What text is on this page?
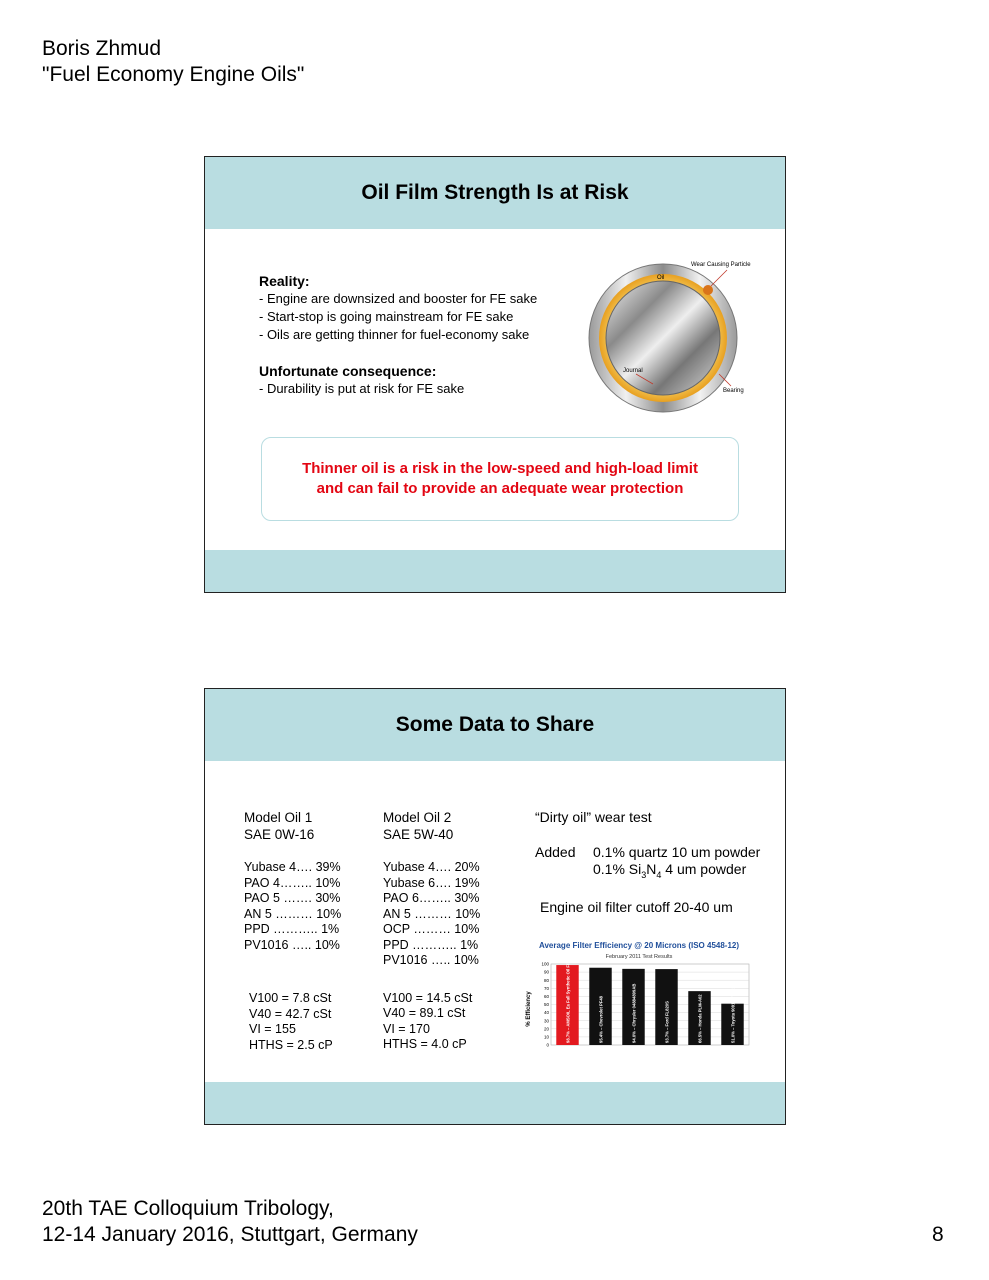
Boris Zhmud
"Fuel Economy Engine Oils"
Oil Film Strength Is at Risk
Reality:
- Engine are downsized and booster for FE sake
- Start-stop is going mainstream for FE sake
- Oils are getting thinner for fuel-economy sake
Unfortunate consequence:
- Durability is put at risk for FE sake
Wear Causing Particle
Oil
Journal
Bearing
Thinner oil is a risk in the low-speed and high-load limit
and can fail to provide an adequate wear protection
Some Data to Share
Model Oil 1
SAE 0W-16
Yubase 4…. 39%
PAO 4…….. 10%
PAO 5 ……. 30%
AN 5 ……… 10%
PPD ……….. 1%
PV1016 ….. 10%
V100 = 7.8 cSt
V40 = 42.7 cSt
VI = 155
HTHS = 2.5 cP
Model Oil 2
SAE 5W-40
Yubase 4…. 20%
Yubase 6…. 19%
PAO 6…….. 30%
AN 5 ……… 10%
OCP ……… 10%
PPD ……….. 1%
PV1016 ….. 10%
V100 = 14.5 cSt
V40 = 89.1 cSt
VI = 170
HTHS = 4.0 cP
“Dirty oil” wear test
Added	0.1% quartz 10 um powder
0.1% $Si_3N_4$ 4 um powder
Engine oil filter cutoff 20-40 um
Average Filter Efficiency @ 20 Microns (ISO 4548-12)
February 2011 Test Results
% Efficiency
0
10
20
30
40
50
60
70
80
90
100	98.7% – AMSOIL Ea Full Synthetic Oil Filters	95.4% – Chevrolet PF48	94.0% – Chrysler 04884899AB	93.7% – Ford FL820S	66.5% – Honda PLM-A02	51.0% – Toyota 90915-YZZF2
20th TAE Colloquium Tribology,
12-14 January 2016, Stuttgart, Germany	8
